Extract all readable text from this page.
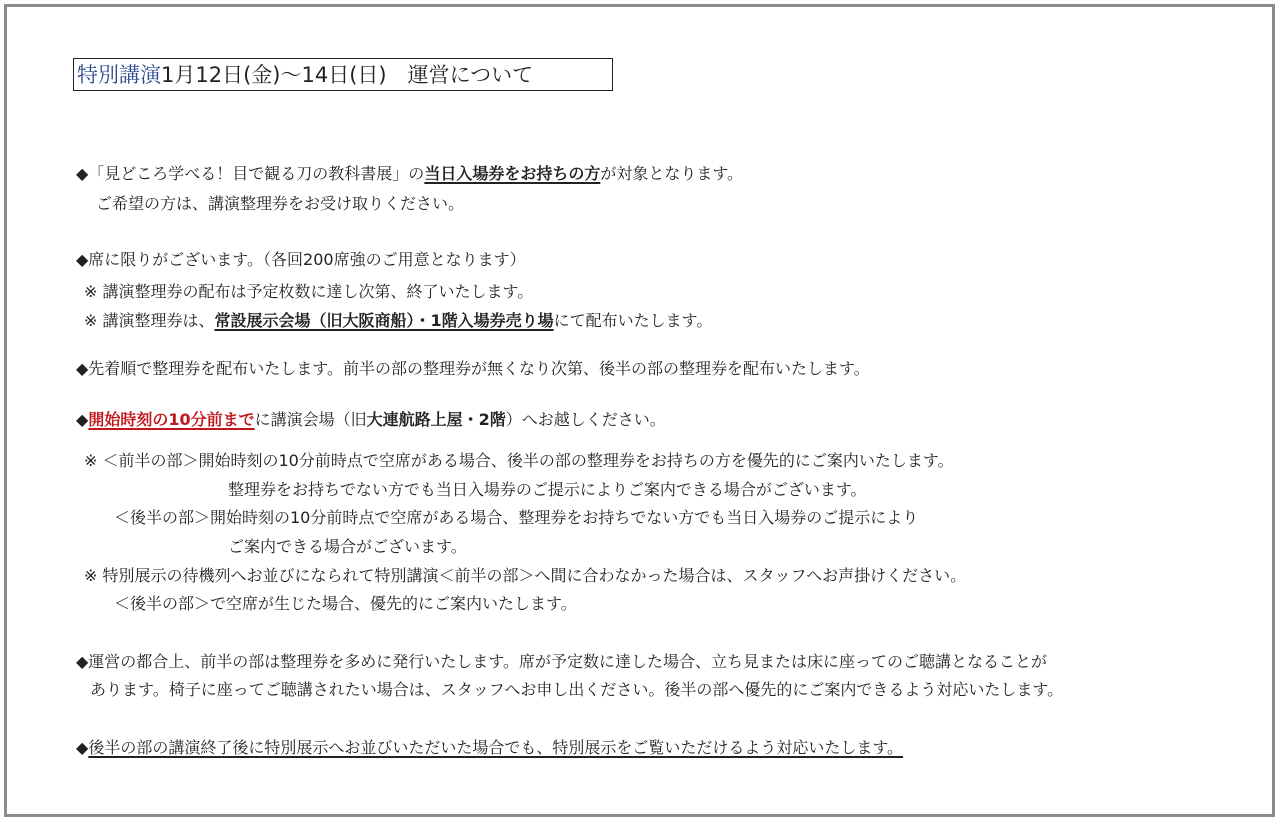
特別講演1月12日(金)〜14日(日)　運営について
◆「見どころ学べる！目で観る刀の教科書展」の当日入場券をお持ちの方が対象となります。
ご希望の方は、講演整理券をお受け取りください。
◆席に限りがございます。（各回200席強のご用意となります）
※ 講演整理券の配布は予定枚数に達し次第、終了いたします。
※ 講演整理券は、常設展示会場（旧大阪商船）・1階入場券売り場にて配布いたします。
◆先着順で整理券を配布いたします。前半の部の整理券が無くなり次第、後半の部の整理券を配布いたします。
◆開始時刻の10分前までに講演会場（旧大連航路上屋・2階）へお越しください。
※ ＜前半の部＞開始時刻の10分前時点で空席がある場合、後半の部の整理券をお持ちの方を優先的にご案内いたします。
整理券をお持ちでない方でも当日入場券のご提示によりご案内できる場合がございます。
＜後半の部＞開始時刻の10分前時点で空席がある場合、整理券をお持ちでない方でも当日入場券のご提示により
ご案内できる場合がございます。
※ 特別展示の待機列へお並びになられて特別講演＜前半の部＞へ間に合わなかった場合は、スタッフへお声掛けください。
＜後半の部＞で空席が生じた場合、優先的にご案内いたします。
◆運営の都合上、前半の部は整理券を多めに発行いたします。席が予定数に達した場合、立ち見または床に座ってのご聴講となることが
あります。椅子に座ってご聴講されたい場合は、スタッフへお申し出ください。後半の部へ優先的にご案内できるよう対応いたします。
◆後半の部の講演終了後に特別展示へお並びいただいた場合でも、特別展示をご覧いただけるよう対応いたします。
